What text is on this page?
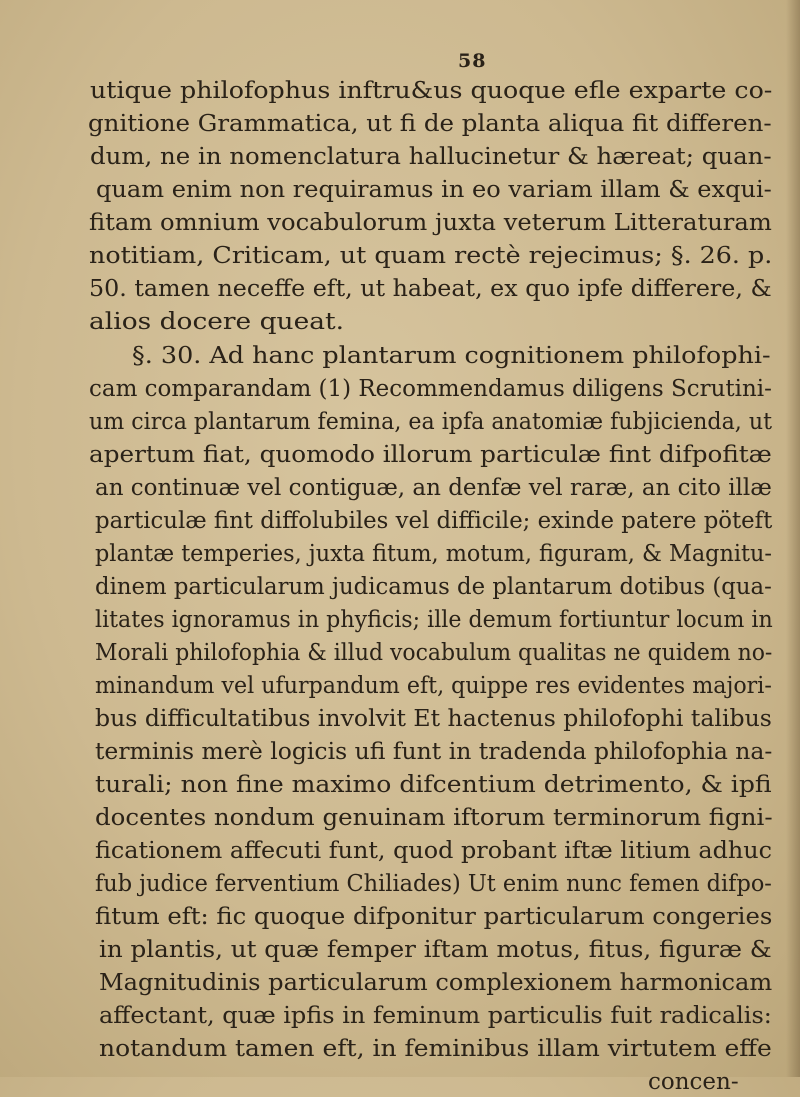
58
utique philofophus inftru&us quoque efle exparte co-
gnitione Grammatica, ut fi de planta aliqua fit differen-
dum, ne in nomenclatura hallucinetur & hæreat; quan-
quam enim non requiramus in eo variam illam & exqui-
fitam omnium vocabulorum juxta veterum Litteraturam
notitiam, Criticam, ut quam rectè rejecimus; §. 26. p.
50. tamen neceffe eft, ut habeat, ex quo ipfe differere, &
alios docere queat.
§. 30. Ad hanc plantarum cognitionem philofophi-
cam comparandam (1) Recommendamus diligens Scrutini-
um circa plantarum femina, ea ipfa anatomiæ fubjicienda, ut
apertum fiat, quomodo illorum particulæ fint difpofitæ
an continuæ vel contiguæ, an denfæ vel raræ, an cito illæ
particulæ fint diffolubiles vel difficile; exinde patere pöteft
plantæ temperies, juxta fitum, motum, figuram, & Magnitu-
dinem particularum judicamus de plantarum dotibus (qua-
litates ignoramus in phyficis; ille demum fortiuntur locum in
Morali philofophia & illud vocabulum qualitas ne quidem no-
minandum vel ufurpandum eft, quippe res evidentes majori-
bus difficultatibus involvit Et hactenus philofophi talibus
terminis merè logicis ufi funt in tradenda philofophia na-
turali; non fine maximo difcentium detrimento, & ipfi
docentes nondum genuinam iftorum terminorum figni-
ficationem affecuti funt, quod probant iftæ litium adhuc
fub judice ferventium Chiliades) Ut enim nunc femen difpo-
fitum eft: fic quoque difponitur particularum congeries
in plantis, ut quæ femper iftam motus, fitus, figuræ &
Magnitudinis particularum complexionem harmonicam
affectant, quæ ipfis in feminum particulis fuit radicalis:
notandum tamen eft, in feminibus illam virtutem effe
concen-
